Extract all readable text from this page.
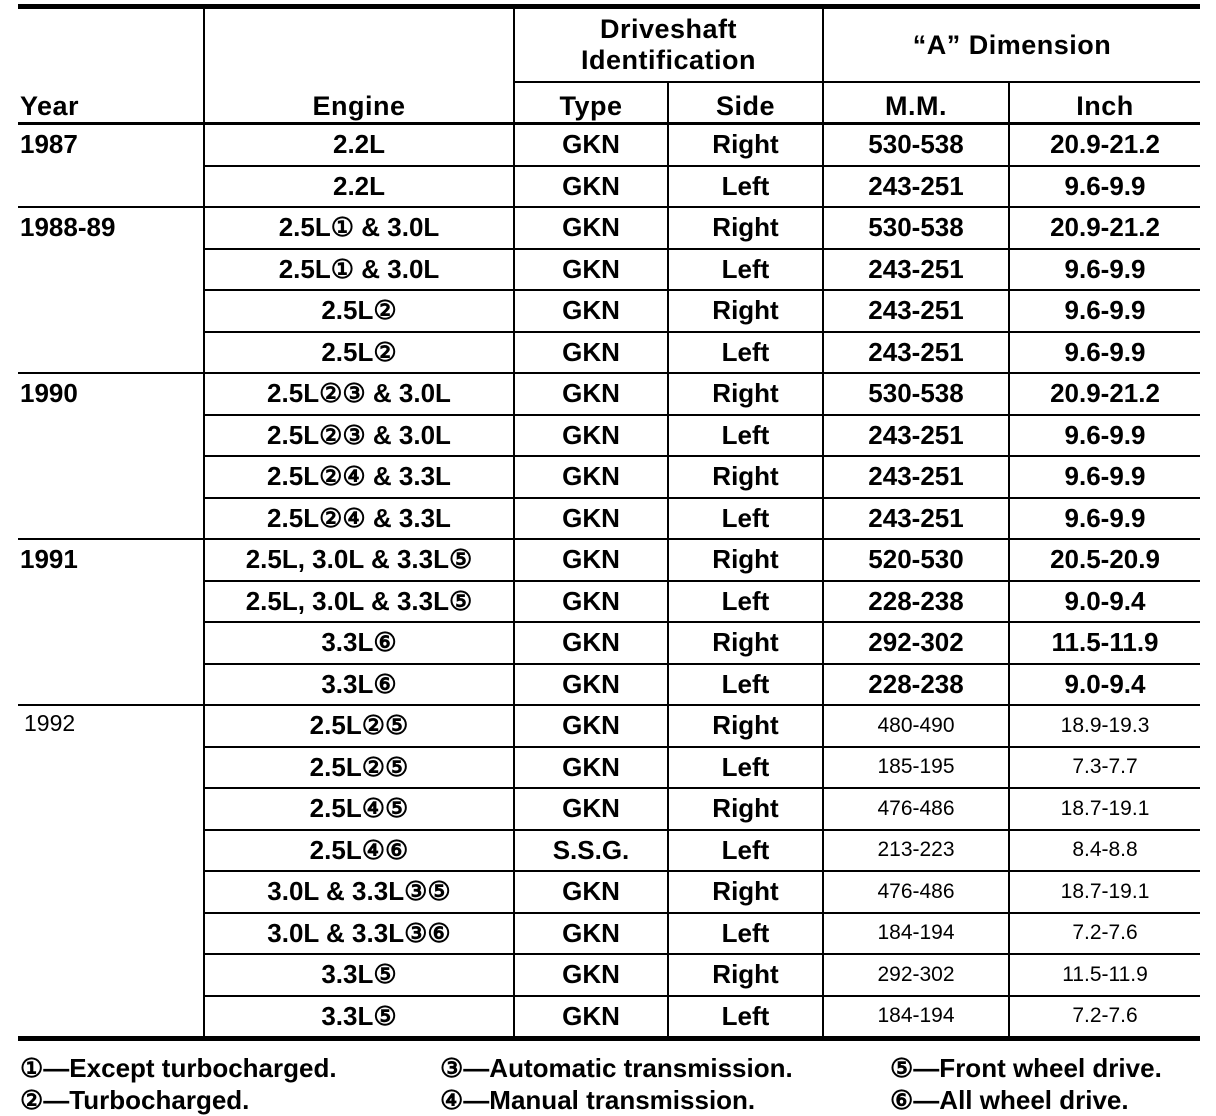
Year	Engine	Driveshaft Identification		“A” Dimension	
		Type	Side	M.M.	Inch
1987	2.2L	GKN	Right	530-538	20.9-21.2
	2.2L	GKN	Left	243-251	9.6-9.9
1988-89	2.5L① & 3.0L	GKN	Right	530-538	20.9-21.2
	2.5L① & 3.0L	GKN	Left	243-251	9.6-9.9
	2.5L②	GKN	Right	243-251	9.6-9.9
	2.5L②	GKN	Left	243-251	9.6-9.9
1990	2.5L②③ & 3.0L	GKN	Right	530-538	20.9-21.2
	2.5L②③ & 3.0L	GKN	Left	243-251	9.6-9.9
	2.5L②④ & 3.3L	GKN	Right	243-251	9.6-9.9
	2.5L②④ & 3.3L	GKN	Left	243-251	9.6-9.9
1991	2.5L, 3.0L & 3.3L⑤	GKN	Right	520-530	20.5-20.9
	2.5L, 3.0L & 3.3L⑤	GKN	Left	228-238	9.0-9.4
	3.3L⑥	GKN	Right	292-302	11.5-11.9
	3.3L⑥	GKN	Left	228-238	9.0-9.4
1992	2.5L②⑤	GKN	Right	480-490	18.9-19.3
	2.5L②⑤	GKN	Left	185-195	7.3-7.7
	2.5L④⑤	GKN	Right	476-486	18.7-19.1
	2.5L④⑥	S.S.G.	Left	213-223	8.4-8.8
	3.0L & 3.3L③⑤	GKN	Right	476-486	18.7-19.1
	3.0L & 3.3L③⑥	GKN	Left	184-194	7.2-7.6
	3.3L⑤	GKN	Right	292-302	11.5-11.9
	3.3L⑤	GKN	Left	184-194	7.2-7.6
①—Except turbocharged.
②—Turbocharged.
③—Automatic transmission.
④—Manual transmission.
⑤—Front wheel drive.
⑥—All wheel drive.
